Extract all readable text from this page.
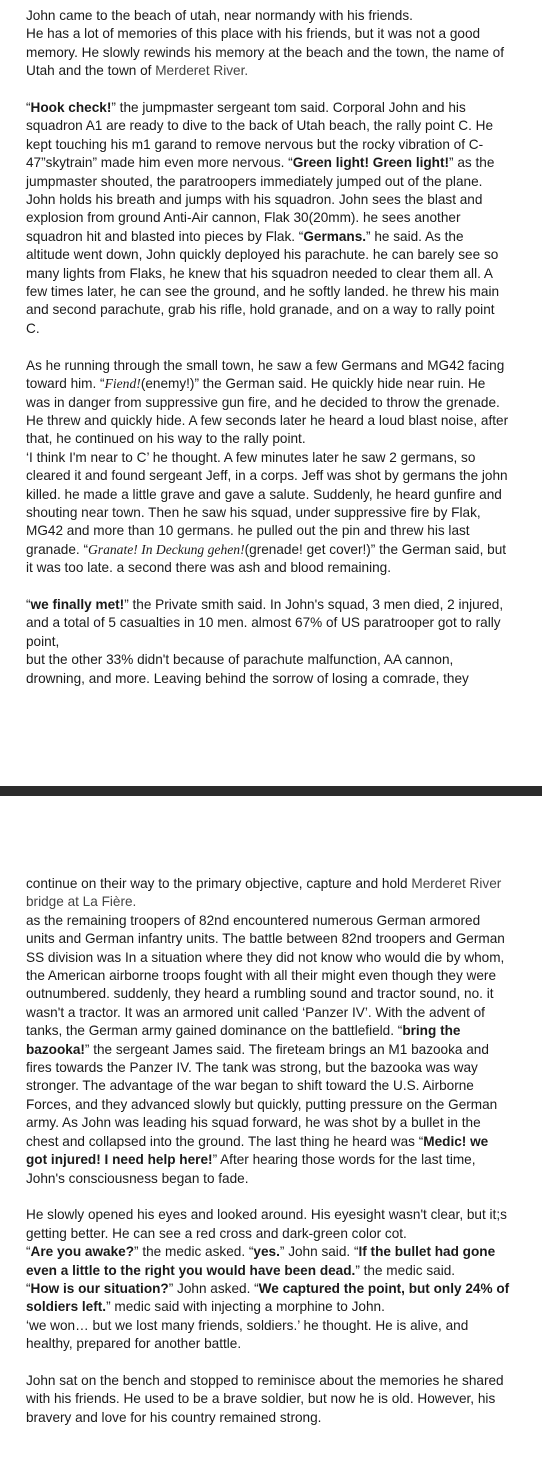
John came to the beach of utah, near normandy with his friends.

He has a lot of memories of this place with his friends, but it was not a good memory. He slowly rewinds his memory at the beach and the town, the name of Utah and the town of Merderet River.

“Hook check!” the jumpmaster sergeant tom said. Corporal John and his squadron A1 are ready to dive to the back of Utah beach, the rally point C. He kept touching his m1 garand to remove nervous but the rocky vibration of C-47”skytrain” made him even more nervous. “Green light! Green light!” as the jumpmaster shouted, the paratroopers immediately jumped out of the plane. John holds his breath and jumps with his squadron. John sees the blast and explosion from ground Anti-Air cannon, Flak 30(20mm). he sees another squadron hit and blasted into pieces by Flak. “Germans.” he said. As the altitude went down, John quickly deployed his parachute. he can barely see so many lights from Flaks, he knew that his squadron needed to clear them all. A few times later, he can see the ground, and he softly landed. he threw his main and second parachute, grab his rifle, hold granade, and on a way to rally point C.

As he running through the small town, he saw a few Germans and MG42 facing toward him. “Fiend!(enemy!)” the German said. He quickly hide near ruin. He was in danger from suppressive gun fire, and he decided to throw the grenade. He threw and quickly hide. A few seconds later he heard a loud blast noise, after that, he continued on his way to the rally point.

‘I think I'm near to C’ he thought. A few minutes later he saw 2 germans, so cleared it and found sergeant Jeff, in a corps. Jeff was shot by germans the john killed. he made a little grave and gave a salute. Suddenly, he heard gunfire and shouting near town. Then he saw his squad, under suppressive fire by Flak, MG42 and more than 10 germans. he pulled out the pin and threw his last granade. “Granate! In Deckung gehen!(grenade! get cover!)” the German said, but it was too late. a second there was ash and blood remaining.

“we finally met!” the Private smith said. In John's squad, 3 men died, 2 injured, and a total of 5 casualties in 10 men. almost 67% of US paratrooper got to rally point,

but the other 33% didn't because of parachute malfunction, AA cannon, drowning, and more. Leaving behind the sorrow of losing a comrade, they

continue on their way to the primary objective, capture and hold Merderet River bridge at La Fière.

as the remaining troopers of 82nd encountered numerous German armored units and German infantry units. The battle between 82nd troopers and German SS division was In a situation where they did not know who would die by whom, the American airborne troops fought with all their might even though they were outnumbered. suddenly, they heard a rumbling sound and tractor sound, no. it wasn't a tractor. It was an armored unit called ‘Panzer IV’. With the advent of tanks, the German army gained dominance on the battlefield. “bring the bazooka!” the sergeant James said. The fireteam brings an M1 bazooka and fires towards the Panzer IV. The tank was strong, but the bazooka was way stronger. The advantage of the war began to shift toward the U.S. Airborne Forces, and they advanced slowly but quickly, putting pressure on the German army. As John was leading his squad forward, he was shot by a bullet in the chest and collapsed into the ground. The last thing he heard was “Medic! we got injured! I need help here!” After hearing those words for the last time, John's consciousness began to fade.

He slowly opened his eyes and looked around. His eyesight wasn't clear, but it;s getting better. He can see a red cross and dark-green color cot.

“Are you awake?” the medic asked. “yes.” John said. “If the bullet had gone even a little to the right you would have been dead.” the medic said.

“How is our situation?” John asked. “We captured the point, but only 24% of soldiers left.” medic said with injecting a morphine to John.

‘we won… but we lost many friends, soldiers.’ he thought. He is alive, and healthy, prepared for another battle.

John sat on the bench and stopped to reminisce about the memories he shared with his friends. He used to be a brave soldier, but now he is old. However, his bravery and love for his country remained strong.
